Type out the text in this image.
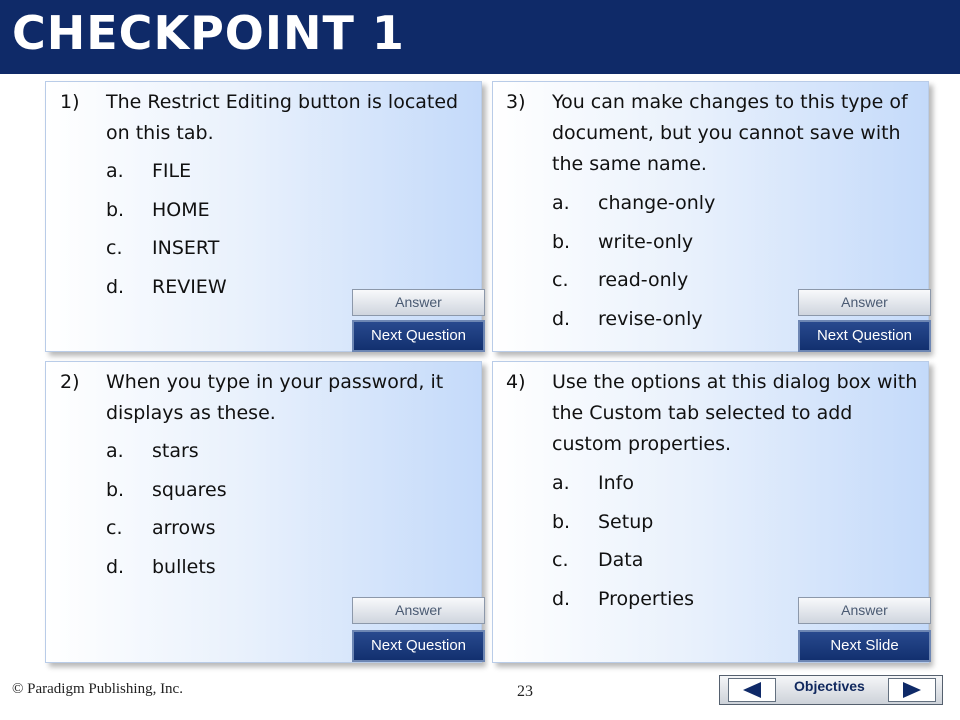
CHECKPOINT 1
1)	The Restrict Editing button is located on this tab.
a.	FILE
b.	HOME
c.	INSERT
d.	REVIEW
Answer
Next Question
3)	You can make changes to this type of document, but you cannot save with the same name.
a.	change-only
b.	write-only
c.	read-only
d.	revise-only
Answer
Next Question
2)	When you type in your password, it displays as these.
a.	stars
b.	squares
c.	arrows
d.	bullets
Answer
Next Question
4)	Use the options at this dialog box with the Custom tab selected to add custom properties.
a.	Info
b.	Setup
c.	Data
d.	Properties	Answer
Next Slide
© Paradigm Publishing, Inc.	23	Objectives
